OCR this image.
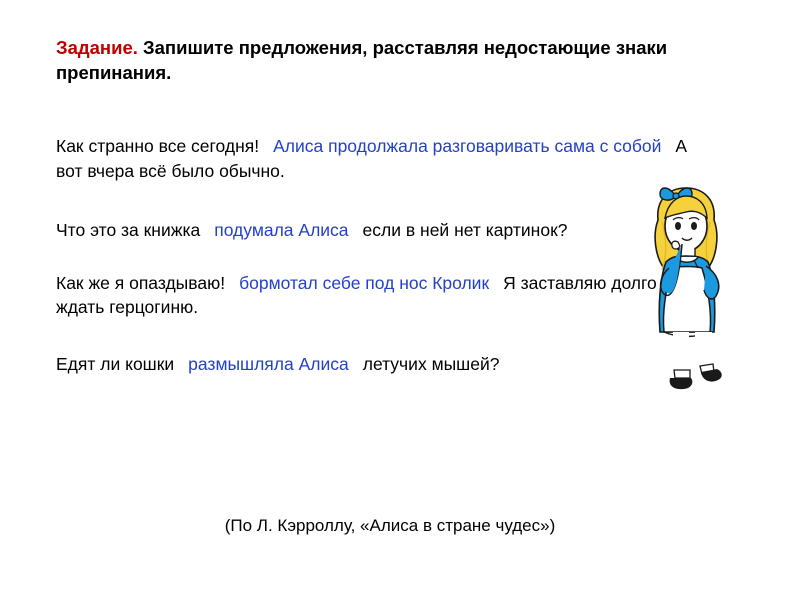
Задание. Запишите предложения, расставляя недостающие знаки препинания.
Как странно все сегодня! Алиса продолжала разговаривать сама с собой А вот вчера всё было обычно.
Что это за книжка подумала Алиса если в ней нет картинок?
Как же я опаздываю! бормотал себе под нос Кролик Я заставляю долго ждать герцогиню.
Едят ли кошки размышляла Алиса летучих мышей?
(По Л. Кэрроллу, «Алиса в стране чудес»)
